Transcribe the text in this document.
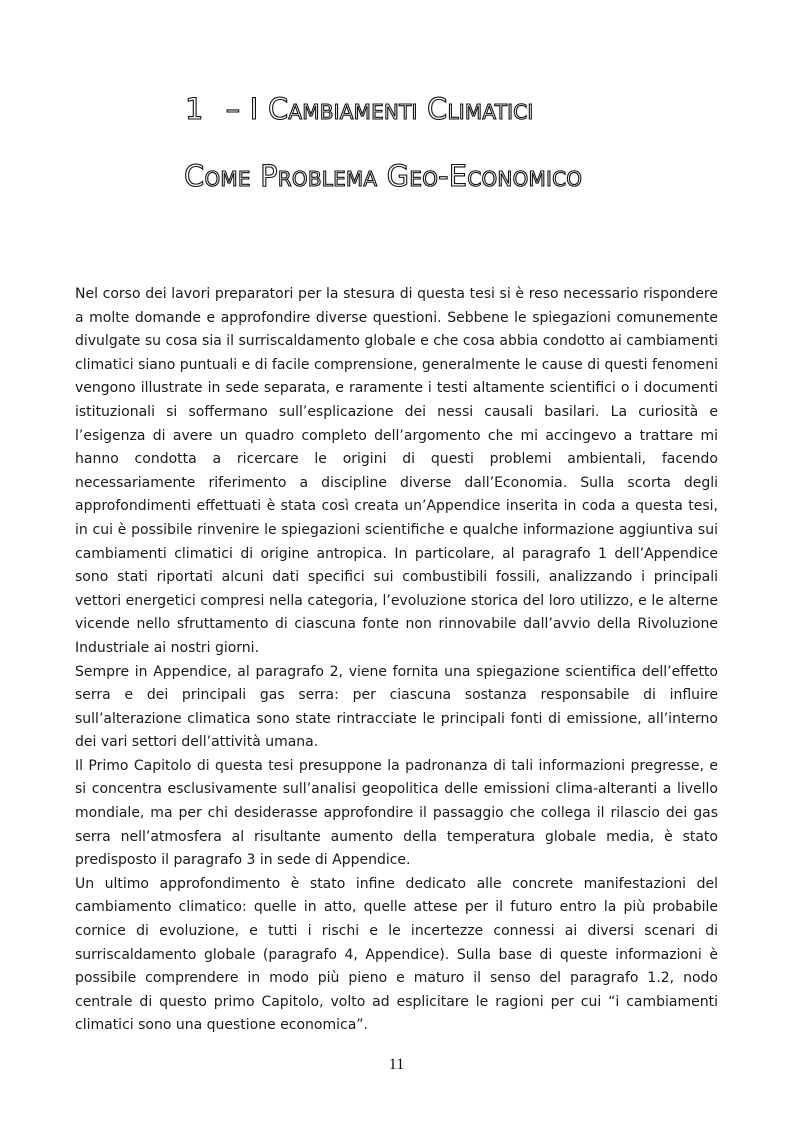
1 – I Cambiamenti Climatici
Come Problema Geo-Economico

Nel corso dei lavori preparatori per la stesura di questa tesi si è reso necessario rispondere a molte domande e approfondire diverse questioni. Sebbene le spiegazioni comunemente divulgate su cosa sia il surriscaldamento globale e che cosa abbia condotto ai cambiamenti climatici siano puntuali e di facile comprensione, generalmente le cause di questi fenomeni vengono illustrate in sede separata, e raramente i testi altamente scientifici o i documenti istituzionali si soffermano sull’esplicazione dei nessi causali basilari. La curiosità e l’esigenza di avere un quadro completo dell’argomento che mi accingevo a trattare mi hanno condotta a ricercare le origini di questi problemi ambientali, facendo necessariamente riferimento a discipline diverse dall’Economia. Sulla scorta degli approfondimenti effettuati è stata così creata un’Appendice inserita in coda a questa tesi, in cui è possibile rinvenire le spiegazioni scientifiche e qualche informazione aggiuntiva sui cambiamenti climatici di origine antropica. In particolare, al paragrafo 1 dell’Appendice sono stati riportati alcuni dati specifici sui combustibili fossili, analizzando i principali vettori energetici compresi nella categoria, l’evoluzione storica del loro utilizzo, e le alterne vicende nello sfruttamento di ciascuna fonte non rinnovabile dall’avvio della Rivoluzione Industriale ai nostri giorni.

Sempre in Appendice, al paragrafo 2, viene fornita una spiegazione scientifica dell’effetto serra e dei principali gas serra: per ciascuna sostanza responsabile di influire sull’alterazione climatica sono state rintracciate le principali fonti di emissione, all’interno dei vari settori dell’attività umana.

Il Primo Capitolo di questa tesi presuppone la padronanza di tali informazioni pregresse, e si concentra esclusivamente sull’analisi geopolitica delle emissioni clima-alteranti a livello mondiale, ma per chi desiderasse approfondire il passaggio che collega il rilascio dei gas serra nell’atmosfera al risultante aumento della temperatura globale media, è stato predisposto il paragrafo 3 in sede di Appendice.

Un ultimo approfondimento è stato infine dedicato alle concrete manifestazioni del cambiamento climatico: quelle in atto, quelle attese per il futuro entro la più probabile cornice di evoluzione, e tutti i rischi e le incertezze connessi ai diversi scenari di surriscaldamento globale (paragrafo 4, Appendice). Sulla base di queste informazioni è possibile comprendere in modo più pieno e maturo il senso del paragrafo 1.2, nodo centrale di questo primo Capitolo, volto ad esplicitare le ragioni per cui “i cambiamenti climatici sono una questione economica”.

11
